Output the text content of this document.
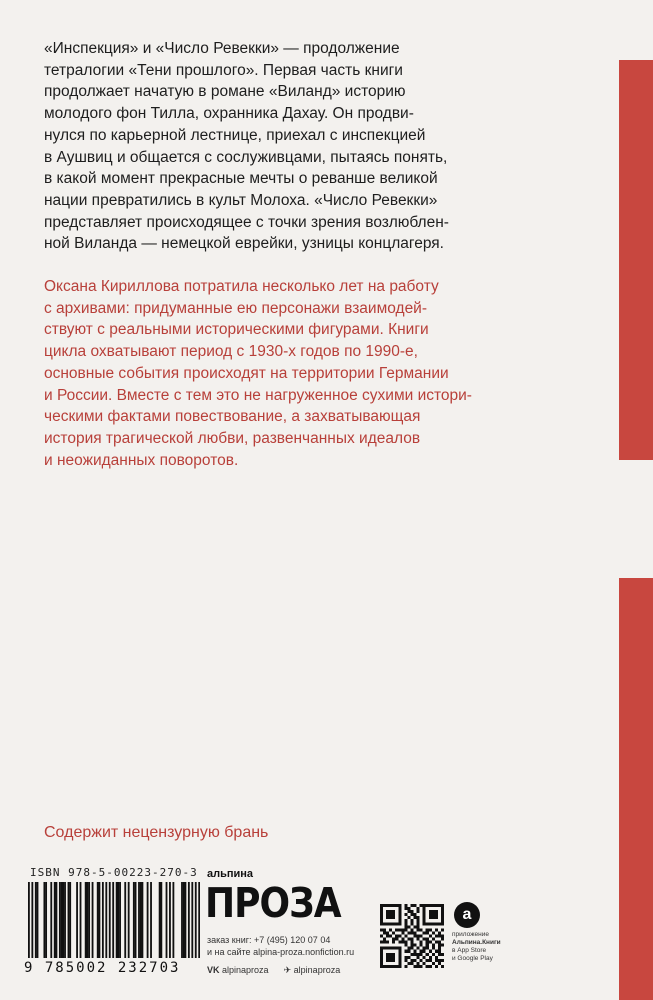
«Инспекция» и «Число Ревекки» — продолжение
тетралогии «Тени прошлого». Первая часть книги
продолжает начатую в романе «Виланд» историю
молодого фон Тилла, охранника Дахау. Он продви-
нулся по карьерной лестнице, приехал с инспекцией
в Аушвиц и общается с сослуживцами, пытаясь понять,
в какой момент прекрасные мечты о реванше великой
нации превратились в культ Молоха. «Число Ревекки»
представляет происходящее с точки зрения возлюблен-
ной Виланда — немецкой еврейки, узницы концлагеря.
Оксана Кириллова потратила несколько лет на работу
с архивами: придуманные ею персонажи взаимодей-
ствуют с реальными историческими фигурами. Книги
цикла охватывают период с 1930-х годов по 1990-е,
основные события происходят на территории Германии
и России. Вместе с тем это не нагруженное сухими истори-
ческими фактами повествование, а захватывающая
история трагической любви, развенчанных идеалов
и неожиданных поворотов.
Содержит нецензурную брань
ISBN 978-5-00223-270-3
9 785002 232703
альпина
ПРОЗА
заказ книг: +7 (495) 120 07 04
и на сайте alpina-proza.nonfiction.ru
VK alpinaproza ✈ alpinaproza
а
приложение
Альпина.Книги
в App Store
и Google Play
